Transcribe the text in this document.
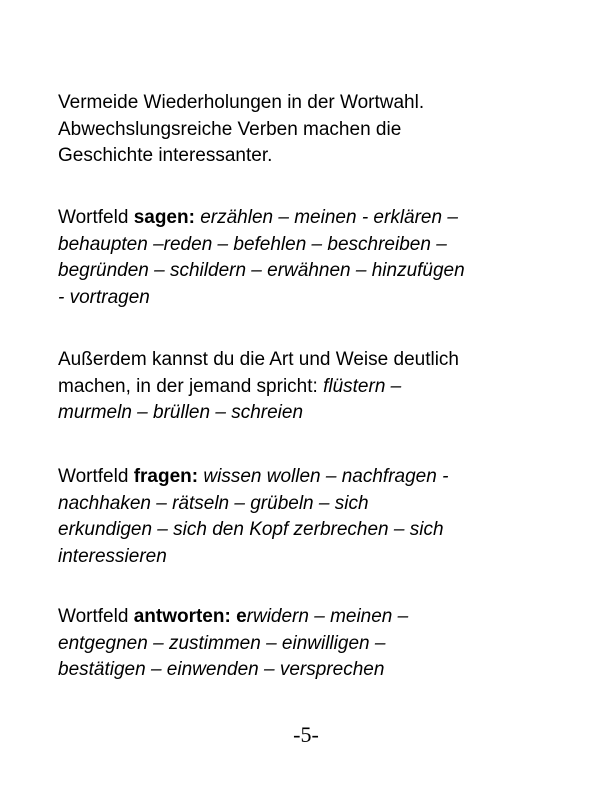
Vermeide Wiederholungen in der Wortwahl.
Abwechslungsreiche Verben machen die
Geschichte interessanter.

Wortfeld sagen: erzählen – meinen - erklären –
behaupten –reden – befehlen – beschreiben –
begründen – schildern – erwähnen – hinzufügen
- vortragen

Außerdem kannst du die Art und Weise deutlich
machen, in der jemand spricht: flüstern –
murmeln – brüllen – schreien

Wortfeld fragen: wissen wollen – nachfragen -
nachhaken – rätseln – grübeln – sich
erkundigen – sich den Kopf zerbrechen – sich
interessieren

Wortfeld antworten: erwidern – meinen –
entgegnen – zustimmen – einwilligen –
bestätigen – einwenden – versprechen

-5-
